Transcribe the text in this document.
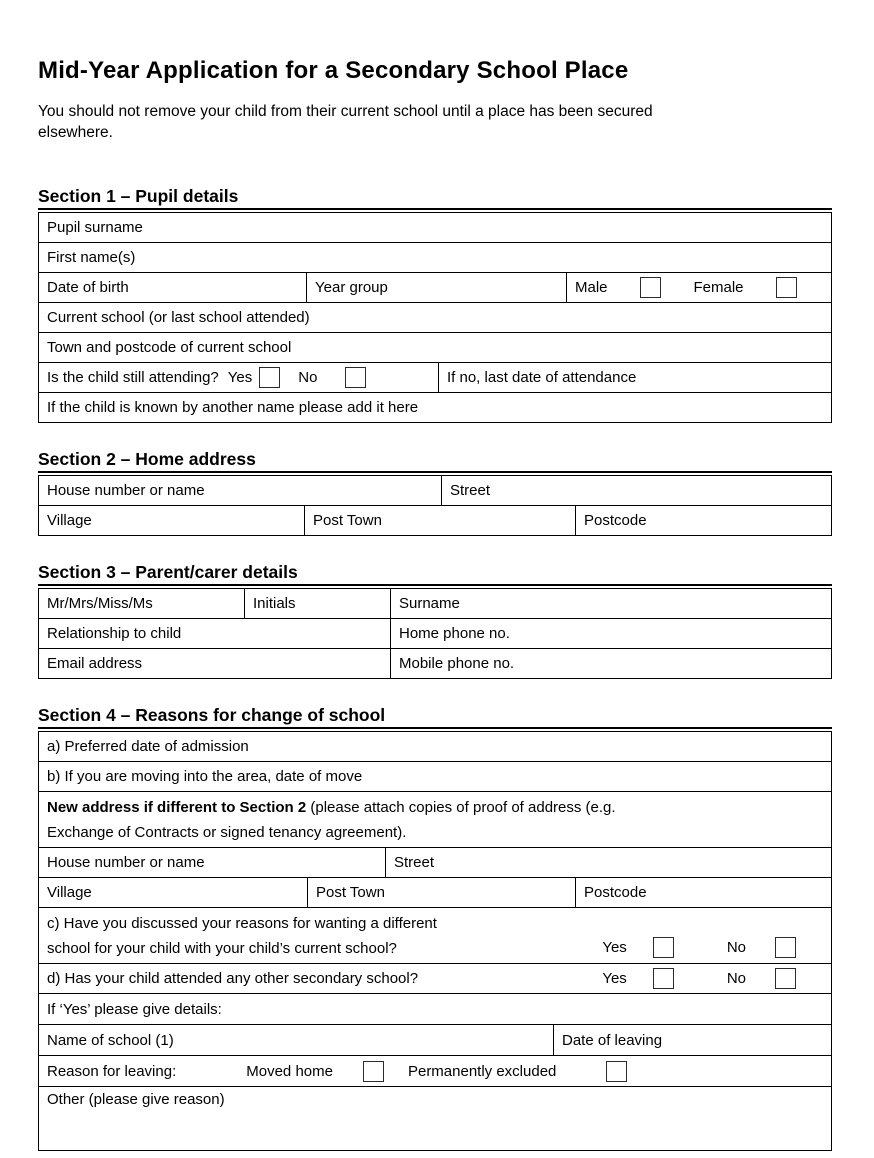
Mid-Year Application for a Secondary School Place

You should not remove your child from their current school until a place has been secured
elsewhere.

Section 1 – Pupil details
Pupil surname
First name(s)
Date of birth	Year group	Male	Female
Current school (or last school attended)
Town and postcode of current school
Is the child still attending? Yes	No	If no, last date of attendance
If the child is known by another name please add it here
Section 2 – Home address
House number or name	Street
Village	Post Town	Postcode
Section 3 – Parent/carer details
Mr/Mrs/Miss/Ms	Initials	Surname
Relationship to child	Home phone no.
Email address	Mobile phone no.
Section 4 – Reasons for change of school
a) Preferred date of admission
b) If you are moving into the area, date of move
New address if different to Section 2 (please attach copies of proof of address (e.g.
Exchange of Contracts or signed tenancy agreement).
House number or name	Street
Village	Post Town	Postcode
c) Have you discussed your reasons for wanting a different
school for your child with your child’s current school?	Yes	No
d) Has your child attended any other secondary school?	Yes	No
If ‘Yes’ please give details:
Name of school (1)	Date of leaving
Reason for leaving:	Moved home	Permanently excluded
Other (please give reason)
